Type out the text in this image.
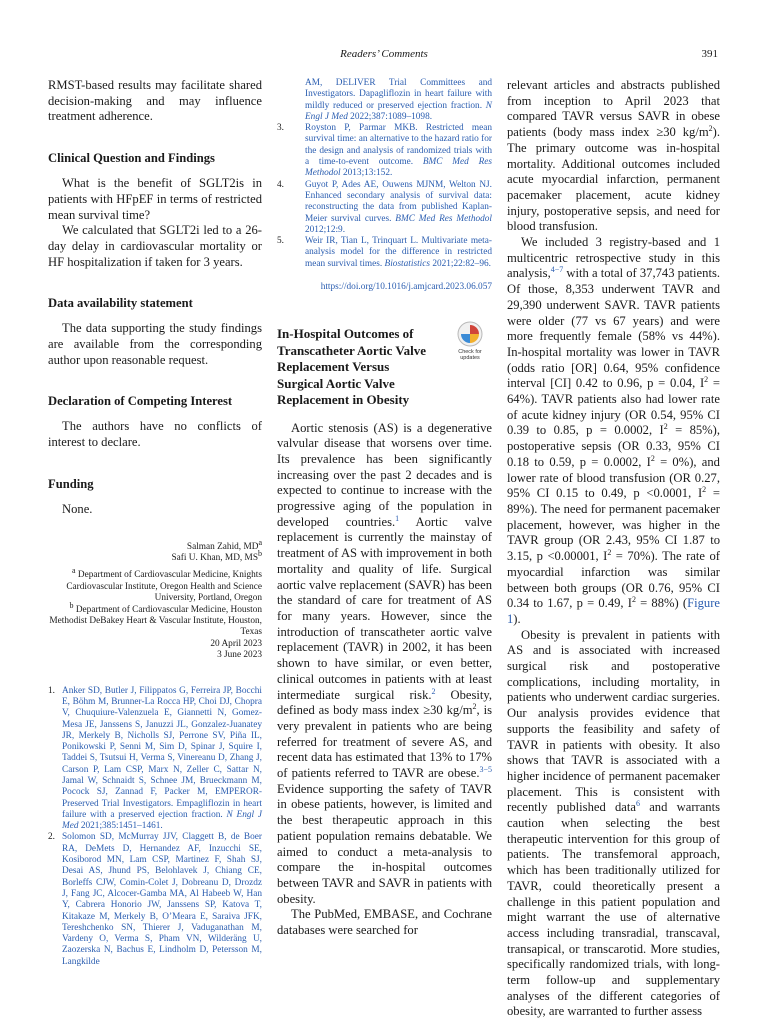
Readers’ Comments	391

RMST-based results may facilitate shared decision-making and may influence treatment adherence.

Clinical Question and Findings

What is the benefit of SGLT2is in patients with HFpEF in terms of restricted mean survival time?

We calculated that SGLT2i led to a 26-day delay in cardiovascular mortality or HF hospitalization if taken for 3 years.

Data availability statement

The data supporting the study findings are available from the corresponding author upon reasonable request.

Declaration of Competing Interest

The authors have no conflicts of interest to declare.

Funding

None.

Salman Zahid, $MD^a$
Safi U. Khan, MD, $MS^b$
$^a$ Department of Cardiovascular Medicine, Knights Cardiovascular Institute, Oregon Health and Science University, Portland, Oregon
$^b$ Department of Cardiovascular Medicine, Houston Methodist DeBakey Heart & Vascular Institute, Houston, Texas
20 April 2023
3 June 2023
1. Anker SD, Butler J, Filippatos G, Ferreira JP, Bocchi E, Böhm M, Brunner-La Rocca HP, Choi DJ, Chopra V, Chuquiure-Valenzuela E, Giannetti N, Gomez-Mesa JE, Janssens S, Januzzi JL, Gonzalez-Juanatey JR, Merkely B, Nicholls SJ, Perrone SV, Piña IL, Ponikowski P, Senni M, Sim D, Spinar J, Squire I, Taddei S, Tsutsui H, Verma S, Vinereanu D, Zhang J, Carson P, Lam CSP, Marx N, Zeller C, Sattar N, Jamal W, Schnaidt S, Schnee JM, Brueckmann M, Pocock SJ, Zannad F, Packer M, EMPEROR-Preserved Trial Investigators. Empagliflozin in heart failure with a preserved ejection fraction. N Engl J Med 2021;385:1451–1461.
2. Solomon SD, McMurray JJV, Claggett B, de Boer RA, DeMets D, Hernandez AF, Inzucchi SE, Kosiborod MN, Lam CSP, Martinez F, Shah SJ, Desai AS, Jhund PS, Belohlavek J, Chiang CE, Borleffs CJW, Comin-Colet J, Dobreanu D, Drozdz J, Fang JC, Alcocer-Gamba MA, Al Habeeb W, Han Y, Cabrera Honorio JW, Janssens SP, Katova T, Kitakaze M, Merkely B, O’Meara E, Saraiva JFK, Tereshchenko SN, Thierer J, Vaduganathan M, Vardeny O, Verma S, Pham VN, Wilderäng U, Zaozerska N, Bachus E, Lindholm D, Petersson M, Langkilde
AM, DELIVER Trial Committees and Investigators. Dapagliflozin in heart failure with mildly reduced or preserved ejection fraction. N Engl J Med 2022;387:1089–1098.
3. Royston P, Parmar MKB. Restricted mean survival time: an alternative to the hazard ratio for the design and analysis of randomized trials with a time-to-event outcome. BMC Med Res Methodol 2013;13:152.
4. Guyot P, Ades AE, Ouwens MJNM, Welton NJ. Enhanced secondary analysis of survival data: reconstructing the data from published Kaplan-Meier survival curves. BMC Med Res Methodol 2012;12:9.
5. Weir IR, Tian L, Trinquart L. Multivariate meta-analysis model for the difference in restricted mean survival times. Biostatistics 2021;22:82–96.
https://doi.org/10.1016/j.amjcard.2023.06.057
In-Hospital Outcomes of Transcatheter Aortic Valve Replacement Versus Surgical Aortic Valve Replacement in Obesity
Check for
updates

Aortic stenosis (AS) is a degenerative valvular disease that worsens over time. Its prevalence has been significantly increasing over the past 2 decades and is expected to continue to increase with the progressive aging of the population in developed countries.$^1$ Aortic valve replacement is currently the mainstay of treatment of AS with improvement in both mortality and quality of life. Surgical aortic valve replacement (SAVR) has been the standard of care for treatment of AS for many years. However, since the introduction of transcatheter aortic valve replacement (TAVR) in 2002, it has been shown to have similar, or even better, clinical outcomes in patients with at least intermediate surgical risk.$^2$ Obesity, defined as body mass index ≥30 $kg/m^2$, is very prevalent in patients who are being referred for treatment of severe AS, and recent data has estimated that 13% to 17% of patients referred to TAVR are obese.$^{3-5}$ Evidence supporting the safety of TAVR in obese patients, however, is limited and the best therapeutic approach in this patient population remains debatable. We aimed to conduct a meta-analysis to compare the in-hospital outcomes between TAVR and SAVR in patients with obesity.

The PubMed, EMBASE, and Cochrane databases were searched for

relevant articles and abstracts published from inception to April 2023 that compared TAVR versus SAVR in obese patients (body mass index ≥30 $kg/m^2$). The primary outcome was in-hospital mortality. Additional outcomes included acute myocardial infarction, permanent pacemaker placement, acute kidney injury, postoperative sepsis, and need for blood transfusion.

We included 3 registry-based and 1 multicentric retrospective study in this analysis,$^{4-7}$ with a total of 37,743 patients. Of those, 8,353 underwent TAVR and 29,390 underwent SAVR. TAVR patients were older (77 vs 67 years) and were more frequently female (58% vs 44%). In-hospital mortality was lower in TAVR (odds ratio [OR] 0.64, 95% confidence interval [CI] 0.42 to 0.96, p = 0.04, $I^2 = 64\%$). TAVR patients also had lower rate of acute kidney injury (OR 0.54, 95% CI 0.39 to 0.85, p = 0.0002, $I^2 = 85\%$), postoperative sepsis (OR 0.33, 95% CI 0.18 to 0.59, p = 0.0002, $I^2 = 0\%$), and lower rate of blood transfusion (OR 0.27, 95% CI 0.15 to 0.49, p <0.0001, $I^2 = 89\%$). The need for permanent pacemaker placement, however, was higher in the TAVR group (OR 2.43, 95% CI 1.87 to 3.15, p <0.00001, $I^2 = 70\%$). The rate of myocardial infarction was similar between both groups (OR 0.76, 95% CI 0.34 to 1.67, p = 0.49, $I^2 = 88\%$) (Figure 1).

Obesity is prevalent in patients with AS and is associated with increased surgical risk and postoperative complications, including mortality, in patients who underwent cardiac surgeries. Our analysis provides evidence that supports the feasibility and safety of TAVR in patients with obesity. It also shows that TAVR is associated with a higher incidence of permanent pacemaker placement. This is consistent with recently published data$^6$ and warrants caution when selecting the best therapeutic intervention for this group of patients. The transfemoral approach, which has been traditionally utilized for TAVR, could theoretically present a challenge in this patient population and might warrant the use of alternative access including transradial, transcaval, transapical, or transcarotid. More studies, specifically randomized trials, with long-term follow-up and supplementary analyses of the different categories of obesity, are warranted to further assess
